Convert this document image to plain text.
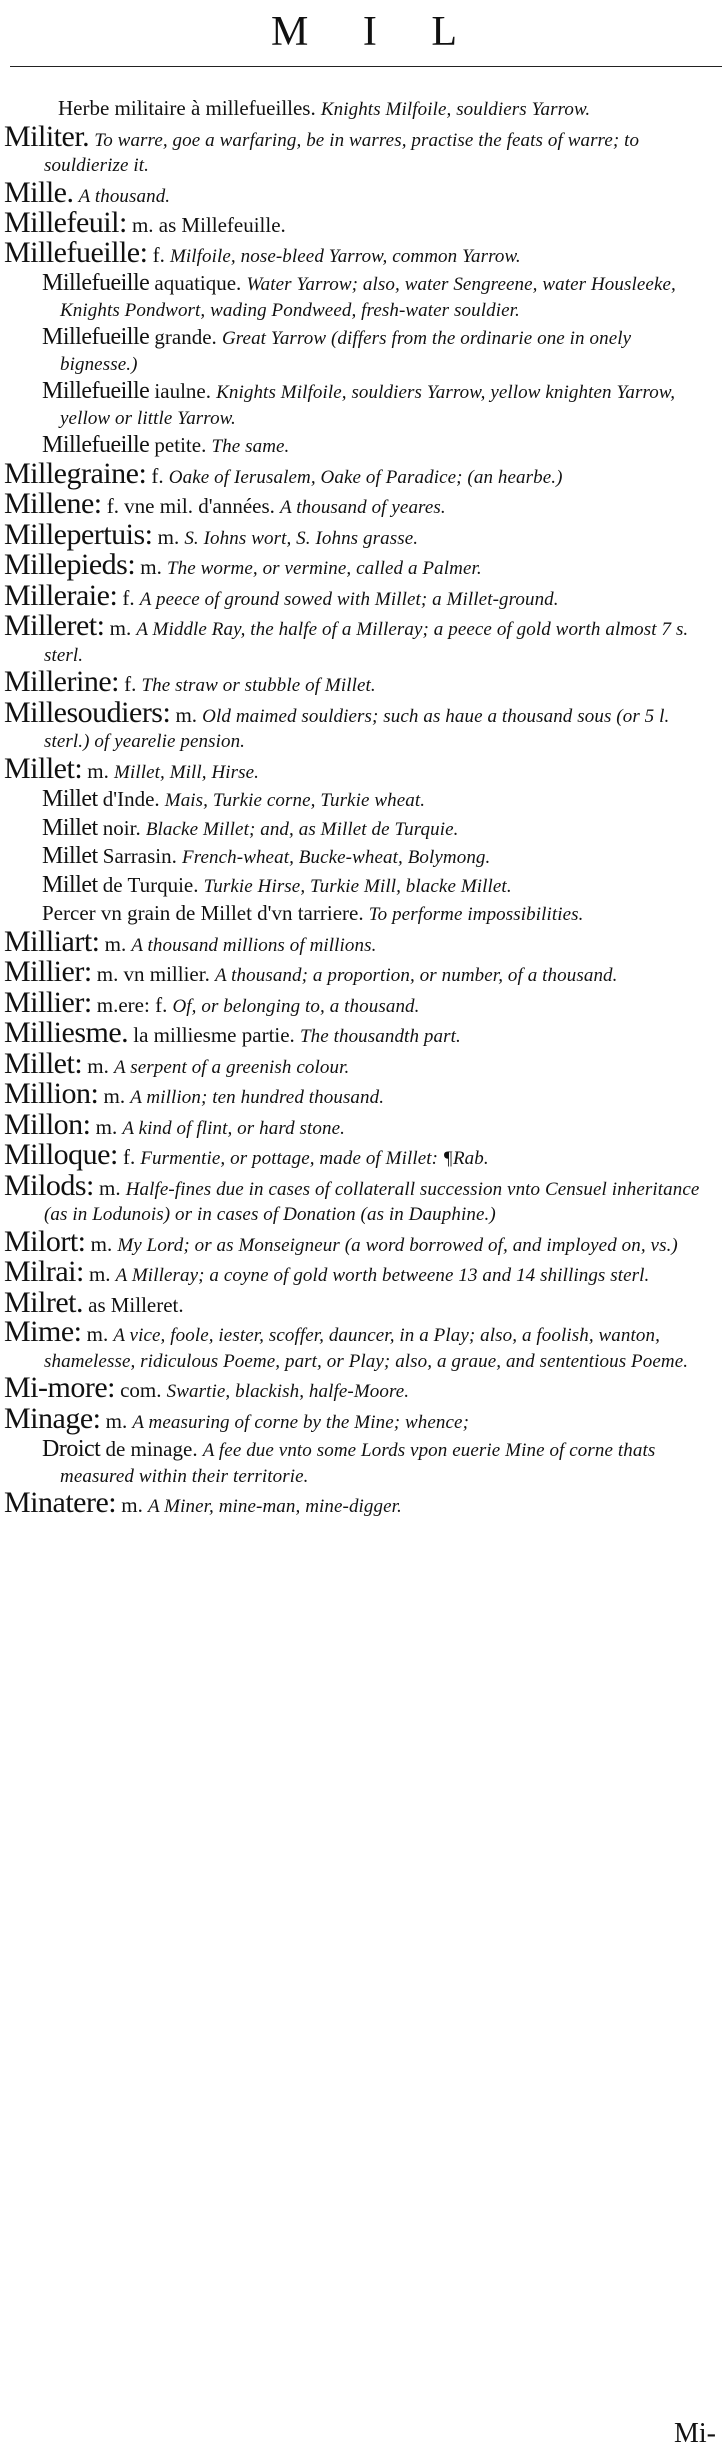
M I L
Herbe militaire à millefueilles. Knights Milfoile, souldiers Yarrow.
Militer. To warre, goe a warfaring, be in warres, practise the feats of warre; to souldierize it.
Mille. A thousand.
Millefeuil: m. as Millefeuille.
Millefueille: f. Milfoile, nose-bleed Yarrow, common Yarrow.
Millefueille aquatique. Water Yarrow; also, water Sengreene, water Housleeke, Knights Pondwort, wading Pondweed, fresh-water souldier.
Millefueille grande. Great Yarrow (differs from the ordinarie one in onely bignesse.)
Millefueille iaulne. Knights Milfoile, souldiers Yarrow, yellow knighten Yarrow, yellow or little Yarrow.
Millefueille petite. The same.
Millegraine: f. Oake of Ierusalem, Oake of Paradice; (an hearbe.)
Millene: f. vne mil. d'années. A thousand of yeares.
Millepertuis: m. S. Iohns wort, S. Iohns grasse.
Millepieds: m. The worme, or vermine, called a Palmer.
Milleraie: f. A peece of ground sowed with Millet; a Millet-ground.
Milleret: m. A Middle Ray, the halfe of a Milleray; a peece of gold worth almost 7 s. sterl.
Millerine: f. The straw or stubble of Millet.
Millesoudiers: m. Old maimed souldiers; such as haue a thousand sous (or 5 l. sterl.) of yearelie pension.
Millet: m. Millet, Mill, Hirse.
Millet d'Inde. Mais, Turkie corne, Turkie wheat.
Millet noir. Blacke Millet; and, as Millet de Turquie.
Millet Sarrasin. French-wheat, Bucke-wheat, Bolymong.
Millet de Turquie. Turkie Hirse, Turkie Mill, blacke Millet.
Percer vn grain de Millet d'vn tarriere. To performe impossibilities.
Milliart: m. A thousand millions of millions.
Millier: m. vn millier. A thousand; a proportion, or number, of a thousand.
Millier: m.ere: f. Of, or belonging to, a thousand.
Milliesme. la milliesme partie. The thousandth part.
Millet: m. A serpent of a greenish colour.
Million: m. A million; ten hundred thousand.
Millon: m. A kind of flint, or hard stone.
Milloque: f. Furmentie, or pottage, made of Millet: ¶Rab.
Milods: m. Halfe-fines due in cases of collaterall succession vnto Censuel inheritance (as in Lodunois) or in cases of Donation (as in Dauphine.)
Milort: m. My Lord; or as Monseigneur (a word borrowed of, and imployed on, vs.)
Milrai: m. A Milleray; a coyne of gold worth betweene 13 and 14 shillings sterl.
Milret. as Milleret.
Mime: m. A vice, foole, iester, scoffer, dauncer, in a Play; also, a foolish, wanton, shamelesse, ridiculous Poeme, part, or Play; also, a graue, and sententious Poeme.
Mi-more: com. Swartie, blackish, halfe-Moore.
Minage: m. A measuring of corne by the Mine; whence;
Droict de minage. A fee due vnto some Lords vpon euerie Mine of corne thats measured within their territorie.
Minatere: m. A Miner, mine-man, mine-digger.
Mi-
